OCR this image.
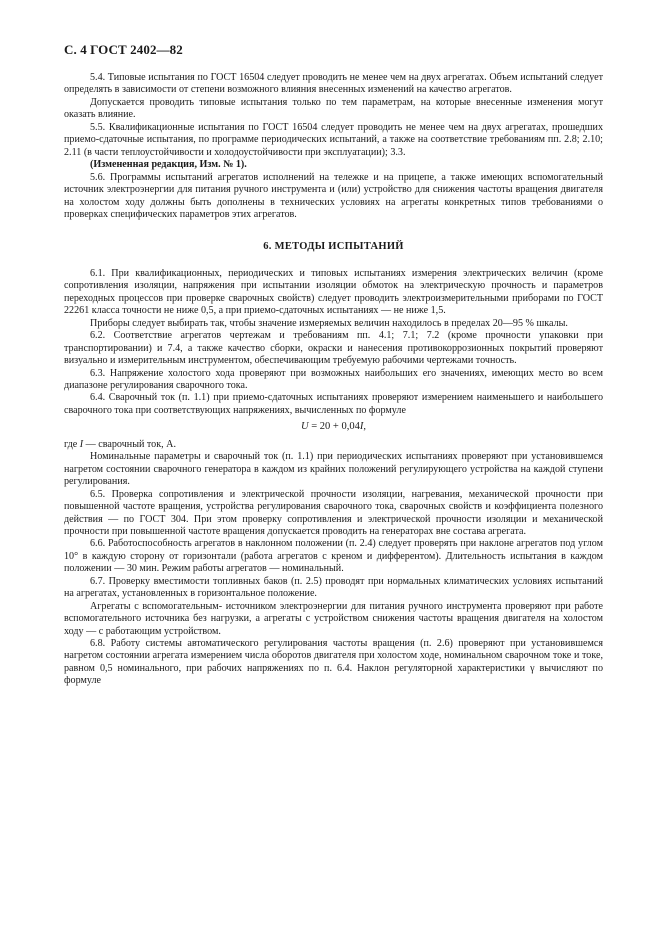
С. 4 ГОСТ 2402—82

5.4. Типовые испытания по ГОСТ 16504 следует проводить не менее чем на двух агрегатах. Объем испытаний следует определять в зависимости от степени возможного влияния внесенных изменений на качество агрегатов.

Допускается проводить типовые испытания только по тем параметрам, на которые внесенные изменения могут оказать влияние.

5.5. Квалификационные испытания по ГОСТ 16504 следует проводить не менее чем на двух агрегатах, прошедших приемо-сдаточные испытания, по программе периодических испытаний, а также на соответствие требованиям пп. 2.8; 2.10; 2.11 (в части теплоустойчивости и холодоустойчивости при эксплуатации); 3.3.

(Измененная редакция, Изм. № 1).

5.6. Программы испытаний агрегатов исполнений на тележке и на прицепе, а также имеющих вспомогательный источник электроэнергии для питания ручного инструмента и (или) устройство для снижения частоты вращения двигателя на холостом ходу должны быть дополнены в технических условиях на агрегаты конкретных типов требованиями о проверках специфических параметров этих агрегатов.

6. МЕТОДЫ ИСПЫТАНИЙ

6.1. При квалификационных, периодических и типовых испытаниях измерения электрических величин (кроме сопротивления изоляции, напряжения при испытании изоляции обмоток на электрическую прочность и параметров переходных процессов при проверке сварочных свойств) следует проводить электроизмерительными приборами по ГОСТ 22261 класса точности не ниже 0,5, а при приемо-сдаточных испытаниях — не ниже 1,5.

Приборы следует выбирать так, чтобы значение измеряемых величин находилось в пределах 20—95 % шкалы.

6.2. Соответствие агрегатов чертежам и требованиям пп. 4.1; 7.1; 7.2 (кроме прочности упаковки при транспортировании) и 7.4, а также качество сборки, окраски и нанесения противокоррозионных покрытий проверяют визуально и измерительным инструментом, обеспечивающим требуемую рабочими чертежами точность.

6.3. Напряжение холостого хода проверяют при возможных наибольших его значениях, имеющих место во всем диапазоне регулирования сварочного тока.

6.4. Сварочный ток (п. 1.1) при приемо-сдаточных испытаниях проверяют измерением наименьшего и наибольшего сварочного тока при соответствующих напряжениях, вычисленных по формуле

U = 20 + 0,04I,

где I — сварочный ток, А.

Номинальные параметры и сварочный ток (п. 1.1) при периодических испытаниях проверяют при установившемся нагретом состоянии сварочного генератора в каждом из крайних положений регулирующего устройства на каждой ступени регулирования.

6.5. Проверка сопротивления и электрической прочности изоляции, нагревания, механической прочности при повышенной частоте вращения, устройства регулирования сварочного тока, сварочных свойств и коэффициента полезного действия — по ГОСТ 304. При этом проверку сопротивления и электрической прочности изоляции и механической прочности при повышенной частоте вращения допускается проводить на генераторах вне состава агрегата.

6.6. Работоспособность агрегатов в наклонном положении (п. 2.4) следует проверять при наклоне агрегатов под углом 10° в каждую сторону от горизонтали (работа агрегатов с креном и дифферентом). Длительность испытания в каждом положении — 30 мин. Режим работы агрегатов — номинальный.

6.7. Проверку вместимости топливных баков (п. 2.5) проводят при нормальных климатических условиях испытаний на агрегатах, установленных в горизонтальное положение.

Агрегаты с вспомогательным- источником электроэнергии для питания ручного инструмента проверяют при работе вспомогательного источника без нагрузки, а агрегаты с устройством снижения частоты вращения двигателя на холостом ходу — с работающим устройством.

6.8. Работу системы автоматического регулирования частоты вращения (п. 2.6) проверяют при установившемся нагретом состоянии агрегата измерением числа оборотов двигателя при холостом ходе, номинальном сварочном токе и токе, равном 0,5 номинального, при рабочих напряжениях по п. 6.4. Наклон регуляторной характеристики γ вычисляют по формуле
